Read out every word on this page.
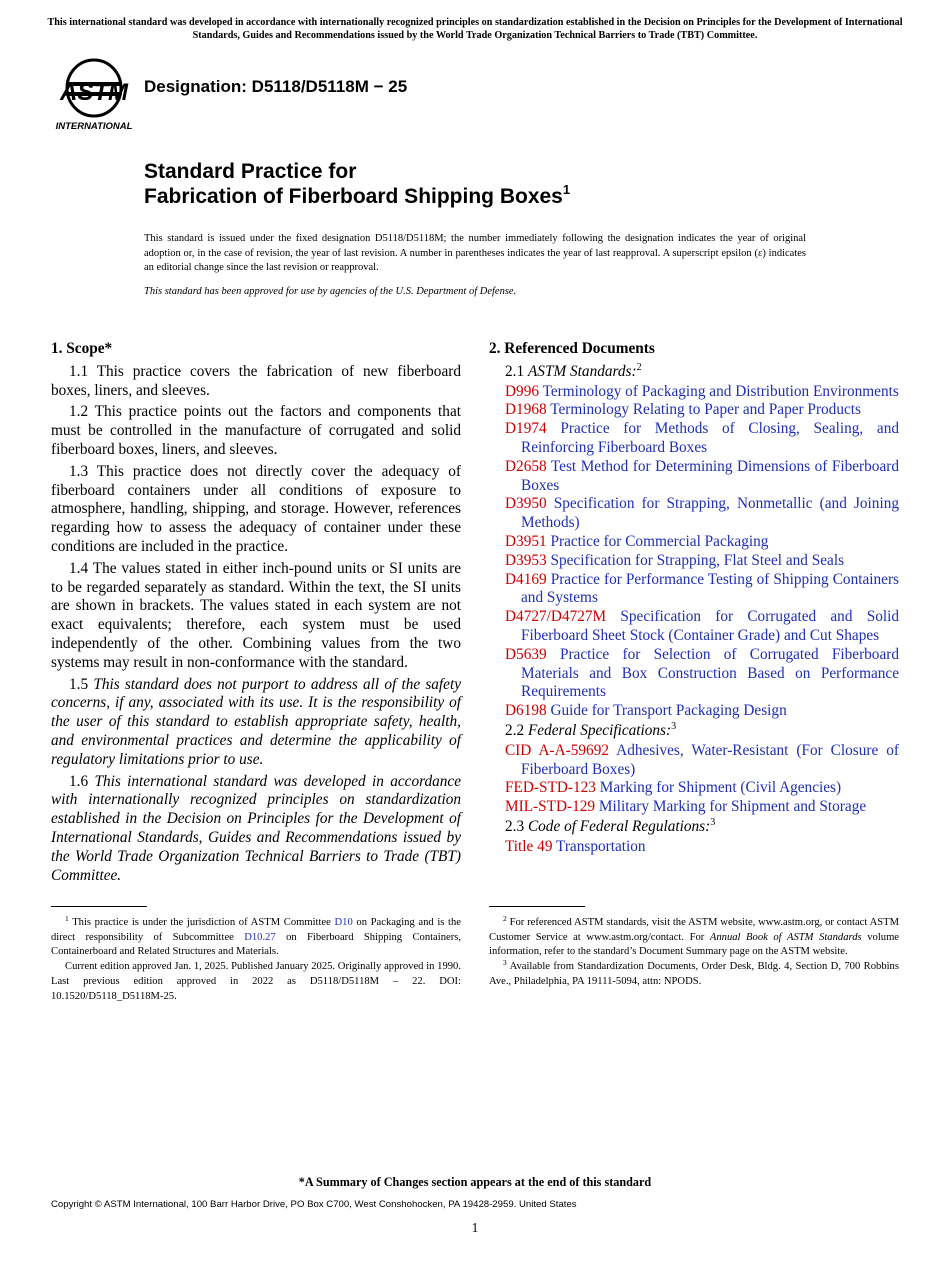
This international standard was developed in accordance with internationally recognized principles on standardization established in the Decision on Principles for the Development of International Standards, Guides and Recommendations issued by the World Trade Organization Technical Barriers to Trade (TBT) Committee.
ASTM
INTERNATIONAL
Designation: D5118/D5118M − 25
Standard Practice for
Fabrication of Fiberboard Shipping Boxes$^1$
This standard is issued under the fixed designation D5118/D5118M; the number immediately following the designation indicates the year of original adoption or, in the case of revision, the year of last revision. A number in parentheses indicates the year of last reapproval. A superscript epsilon (ε) indicates an editorial change since the last revision or reapproval.
This standard has been approved for use by agencies of the U.S. Department of Defense.
1. Scope*

1.1 This practice covers the fabrication of new fiberboard boxes, liners, and sleeves.

1.2 This practice points out the factors and components that must be controlled in the manufacture of corrugated and solid fiberboard boxes, liners, and sleeves.

1.3 This practice does not directly cover the adequacy of fiberboard containers under all conditions of exposure to atmosphere, handling, shipping, and storage. However, references regarding how to assess the adequacy of container under these conditions are included in the practice.

1.4 The values stated in either inch-pound units or SI units are to be regarded separately as standard. Within the text, the SI units are shown in brackets. The values stated in each system are not exact equivalents; therefore, each system must be used independently of the other. Combining values from the two systems may result in non-conformance with the standard.

1.5 This standard does not purport to address all of the safety concerns, if any, associated with its use. It is the responsibility of the user of this standard to establish appropriate safety, health, and environmental practices and determine the applicability of regulatory limitations prior to use.

1.6 This international standard was developed in accordance with internationally recognized principles on standardization established in the Decision on Principles for the Development of International Standards, Guides and Recommendations issued by the World Trade Organization Technical Barriers to Trade (TBT) Committee.

2. Referenced Documents
2.1 ASTM Standards:$^2$
D996 Terminology of Packaging and Distribution Environments
D1968 Terminology Relating to Paper and Paper Products
D1974 Practice for Methods of Closing, Sealing, and Reinforcing Fiberboard Boxes
D2658 Test Method for Determining Dimensions of Fiberboard Boxes
D3950 Specification for Strapping, Nonmetallic (and Joining Methods)
D3951 Practice for Commercial Packaging
D3953 Specification for Strapping, Flat Steel and Seals
D4169 Practice for Performance Testing of Shipping Containers and Systems
D4727/D4727M Specification for Corrugated and Solid Fiberboard Sheet Stock (Container Grade) and Cut Shapes
D5639 Practice for Selection of Corrugated Fiberboard Materials and Box Construction Based on Performance Requirements
D6198 Guide for Transport Packaging Design
2.2 Federal Specifications:$^3$
CID A-A-59692 Adhesives, Water-Resistant (For Closure of Fiberboard Boxes)
FED-STD-123 Marking for Shipment (Civil Agencies)
MIL-STD-129 Military Marking for Shipment and Storage
2.3 Code of Federal Regulations:$^3$
Title 49 Transportation

$^1$ This practice is under the jurisdiction of ASTM Committee D10 on Packaging and is the direct responsibility of Subcommittee D10.27 on Fiberboard Shipping Containers, Containerboard and Related Structures and Materials.

Current edition approved Jan. 1, 2025. Published January 2025. Originally approved in 1990. Last previous edition approved in 2022 as D5118/D5118M – 22. DOI: 10.1520/D5118_D5118M-25.

$^2$ For referenced ASTM standards, visit the ASTM website, www.astm.org, or contact ASTM Customer Service at www.astm.org/contact. For Annual Book of ASTM Standards volume information, refer to the standard’s Document Summary page on the ASTM website.

$^3$ Available from Standardization Documents, Order Desk, Bldg. 4, Section D, 700 Robbins Ave., Philadelphia, PA 19111-5094, attn: NPODS.

*A Summary of Changes section appears at the end of this standard
Copyright © ASTM International, 100 Barr Harbor Drive, PO Box C700, West Conshohocken, PA 19428-2959. United States
1
